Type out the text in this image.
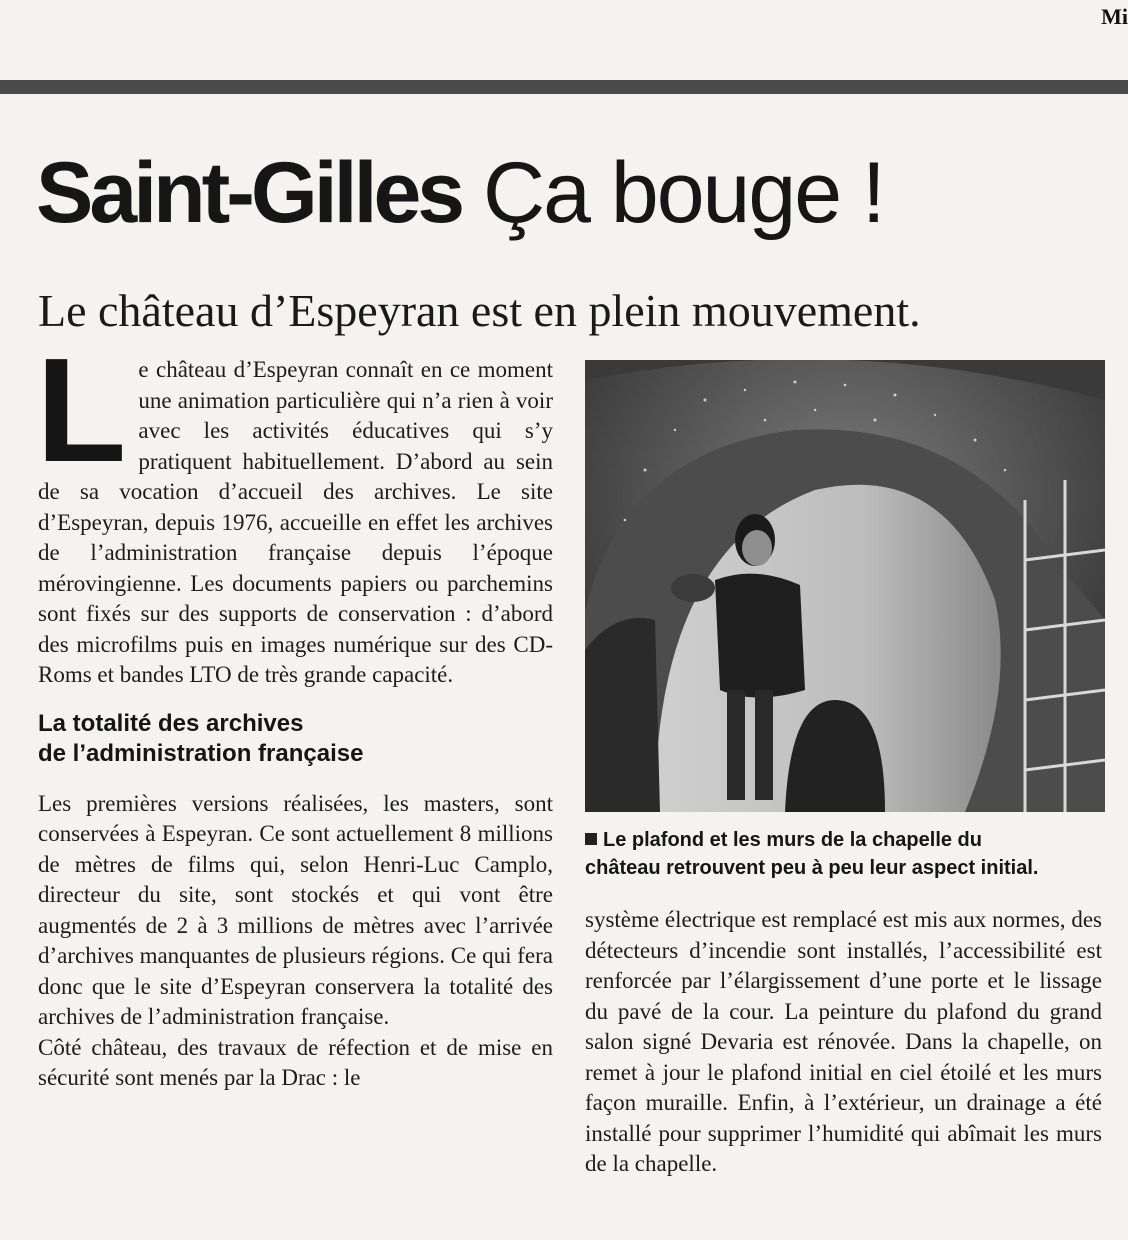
Mi
Saint-Gilles Ça bouge !
Le château d’Espeyran est en plein mouvement.

Le château d’Espeyran connaît en ce moment une animation particulière qui n’a rien à voir avec les activités éducatives qui s’y pratiquent habituellement. D’abord au sein de sa vocation d’accueil des archives. Le site d’Espeyran, depuis 1976, accueille en effet les archives de l’administration française depuis l’époque mérovingienne. Les documents papiers ou parchemins sont fixés sur des supports de conservation : d’abord des microfilms puis en images numérique sur des CD-Roms et bandes LTO de très grande capacité.

La totalité des archives
de l’administration française

Les premières versions réalisées, les masters, sont conservées à Espeyran. Ce sont actuellement 8 millions de mètres de films qui, selon Henri-Luc Camplo, directeur du site, sont stockés et qui vont être augmentés de 2 à 3 millions de mètres avec l’arrivée d’archives manquantes de plusieurs régions. Ce qui fera donc que le site d’Espeyran conservera la totalité des archives de l’administration française.

Côté château, des travaux de réfection et de mise en sécurité sont menés par la Drac : le

Le plafond et les murs de la chapelle du
château retrouvent peu à peu leur aspect initial.

système électrique est remplacé est mis aux normes, des détecteurs d’incendie sont installés, l’accessibilité est renforcée par l’élargissement d’une porte et le lissage du pavé de la cour. La peinture du plafond du grand salon signé Devaria est rénovée. Dans la chapelle, on remet à jour le plafond initial en ciel étoilé et les murs façon muraille. Enfin, à l’extérieur, un drainage a été installé pour supprimer l’humidité qui abîmait les murs de la chapelle.
